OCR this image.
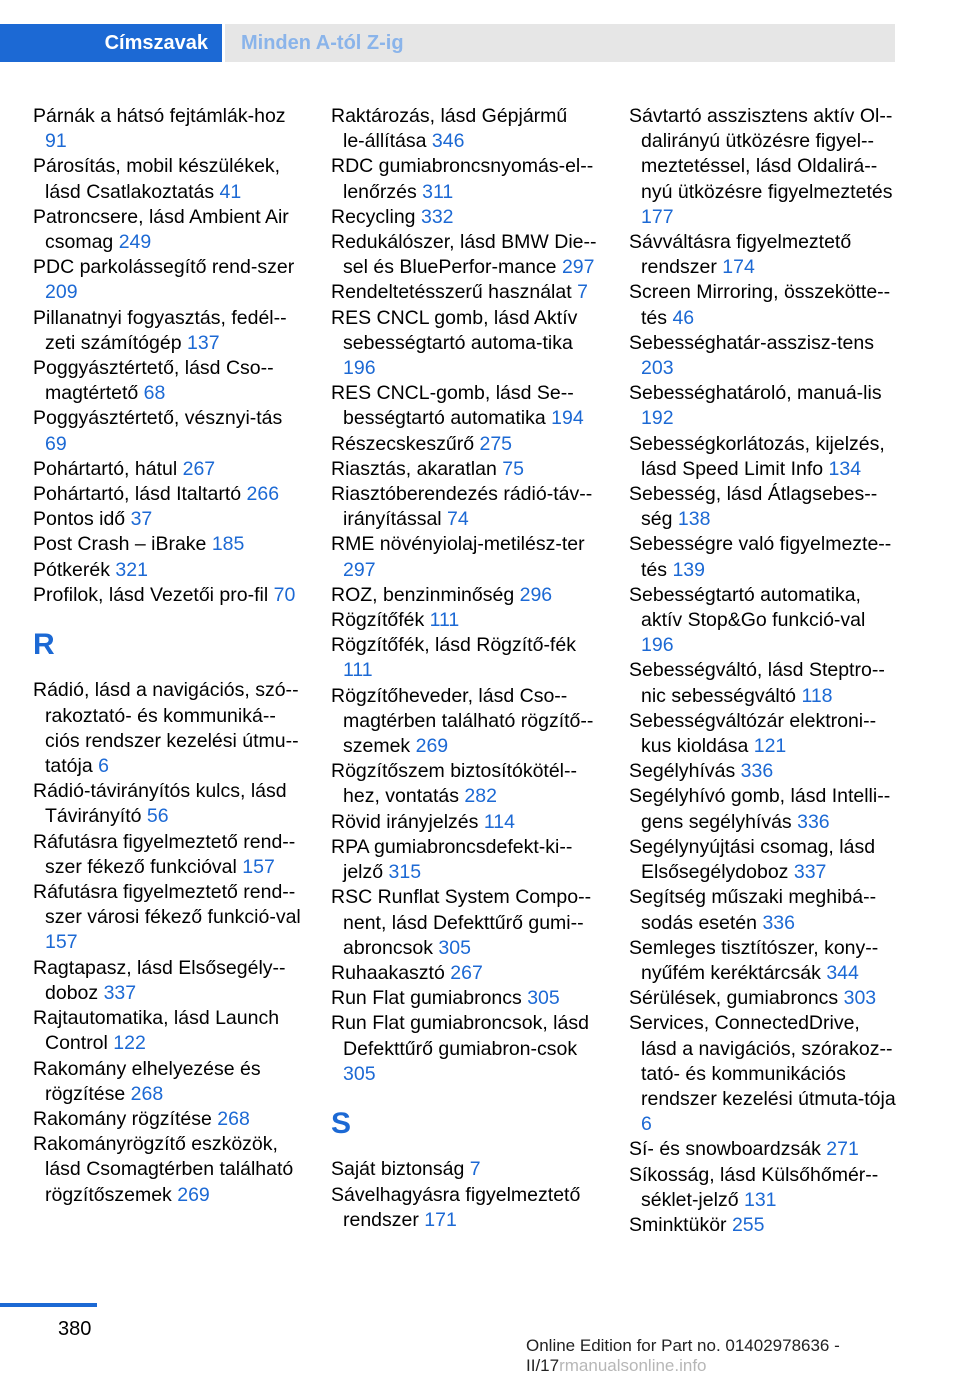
Címszavak	Minden A-tól Z-ig

Párnák a hátsó fejtámlák-hoz 91

Párosítás, mobil készülékek, lásd Csatlakoztatás 41

Patroncsere, lásd Ambient Air csomag 249

PDC parkolássegítő rend-szer 209

Pillanatnyi fogyasztás, fedél-zeti számítógép 137

Poggyásztértető, lásd Cso-magtértető 68

Poggyásztértető, vésznyi-tás 69

Pohártartó, hátul 267

Pohártartó, lásd Italtartó 266

Pontos idő 37

Post Crash – iBrake 185

Pótkerék 321

Profilok, lásd Vezetői pro-fil 70

R

Rádió, lásd a navigációs, szó-rakoztató- és kommuniká-ciós rendszer kezelési útmu-tatója 6

Rádió-távirányítós kulcs, lásd Távirányító 56

Ráfutásra figyelmeztető rend-szer fékező funkcióval 157

Ráfutásra figyelmeztető rend-szer városi fékező funkció-val 157

Ragtapasz, lásd Elsősegély-doboz 337

Rajtautomatika, lásd Launch Control 122

Rakomány elhelyezése és rögzítése 268

Rakomány rögzítése 268

Rakományrögzítő eszközök, lásd Csomagtérben található rögzítőszemek 269

Raktározás, lásd Gépjármű le-állítása 346

RDC gumiabroncsnyomás-el-lenőrzés 311

Recycling 332

Redukálószer, lásd BMW Die-sel és BluePerfor-mance 297

Rendeltetésszerű használat 7

RES CNCL gomb, lásd Aktív sebességtartó automa-tika 196

RES CNCL-gomb, lásd Se-bességtartó automatika 194

Részecskeszűrő 275

Riasztás, akaratlan 75

Riasztóberendezés rádió-táv-irányítással 74

RME növényiolaj-metilész-ter 297

ROZ, benzinminőség 296

Rögzítőfék 111

Rögzítőfék, lásd Rögzítő-fék 111

Rögzítőheveder, lásd Cso-magtérben található rögzítő-szemek 269

Rögzítőszem biztosítókötél-hez, vontatás 282

Rövid irányjelzés 114

RPA gumiabroncsdefekt-ki-jelző 315

RSC Runflat System Compo-nent, lásd Defekttűrő gumi-abroncsok 305

Ruhaakasztó 267

Run Flat gumiabroncs 305

Run Flat gumiabroncsok, lásd Defekttűrő gumiabron-csok 305

S

Saját biztonság 7

Sávelhagyásra figyelmeztető rendszer 171

Sávtartó asszisztens aktív Ol-dalirányú ütközésre figyel-meztetéssel, lásd Oldalirá-nyú ütközésre figyelmeztetés 177

Sávváltásra figyelmeztető rendszer 174

Screen Mirroring, összekötte-tés 46

Sebességhatár-asszisz-tens 203

Sebességhatároló, manuá-lis 192

Sebességkorlátozás, kijelzés, lásd Speed Limit Info 134

Sebesség, lásd Átlagsebes-ség 138

Sebességre való figyelmezte-tés 139

Sebességtartó automatika, aktív Stop&Go funkció-val 196

Sebességváltó, lásd Steptro-nic sebességváltó 118

Sebességváltózár elektroni-kus kioldása 121

Segélyhívás 336

Segélyhívó gomb, lásd Intelli-gens segélyhívás 336

Segélynyújtási csomag, lásd Elsősegélydoboz 337

Segítség műszaki meghibá-sodás esetén 336

Semleges tisztítószer, kony-nyűfém keréktárcsák 344

Sérülések, gumiabroncs 303

Services, ConnectedDrive, lásd a navigációs, szórakoz-tató- és kommunikációs rendszer kezelési útmuta-tója 6

Sí- és snowboardzsák 271

Síkosság, lásd Külsőhőmér-séklet-jelző 131

Sminktükör 255

380
Online Edition for Part no. 01402978636 - II/17rmanualsonline.info
